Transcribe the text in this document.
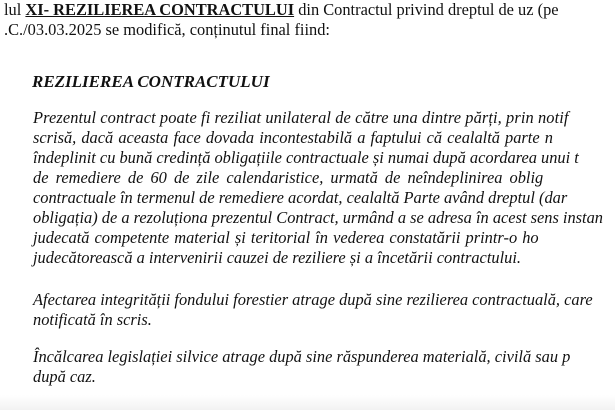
lul XI- REZILIEREA CONTRACTULUI din Contractul privind dreptul de uz (pe
.C./03.03.2025 se modifică, conținutul final fiind:
REZILIEREA CONTRACTULUI
Prezentul contract poate fi reziliat unilateral de către una dintre părți, prin notif
scrisă, dacă aceasta face dovada incontestabilă a faptului că cealaltă parte n
îndeplinit cu bună credință obligațiile contractuale și numai după acordarea unui t
de remediere de 60 de zile calendaristice, urmată de neîndeplinirea oblig
contractuale în termenul de remediere acordat, cealaltă Parte având dreptul (dar
obligația) de a rezoluționa prezentul Contract, urmând a se adresa în acest sens instan
judecată competente material și teritorial în vederea constatării printr-o ho
judecătorească a intervenirii cauzei de reziliere și a încetării contractului.
Afectarea integrității fondului forestier atrage după sine rezilierea contractuală, care
notificată în scris.
Încălcarea legislației silvice atrage după sine răspunderea materială, civilă sau p
după caz.
